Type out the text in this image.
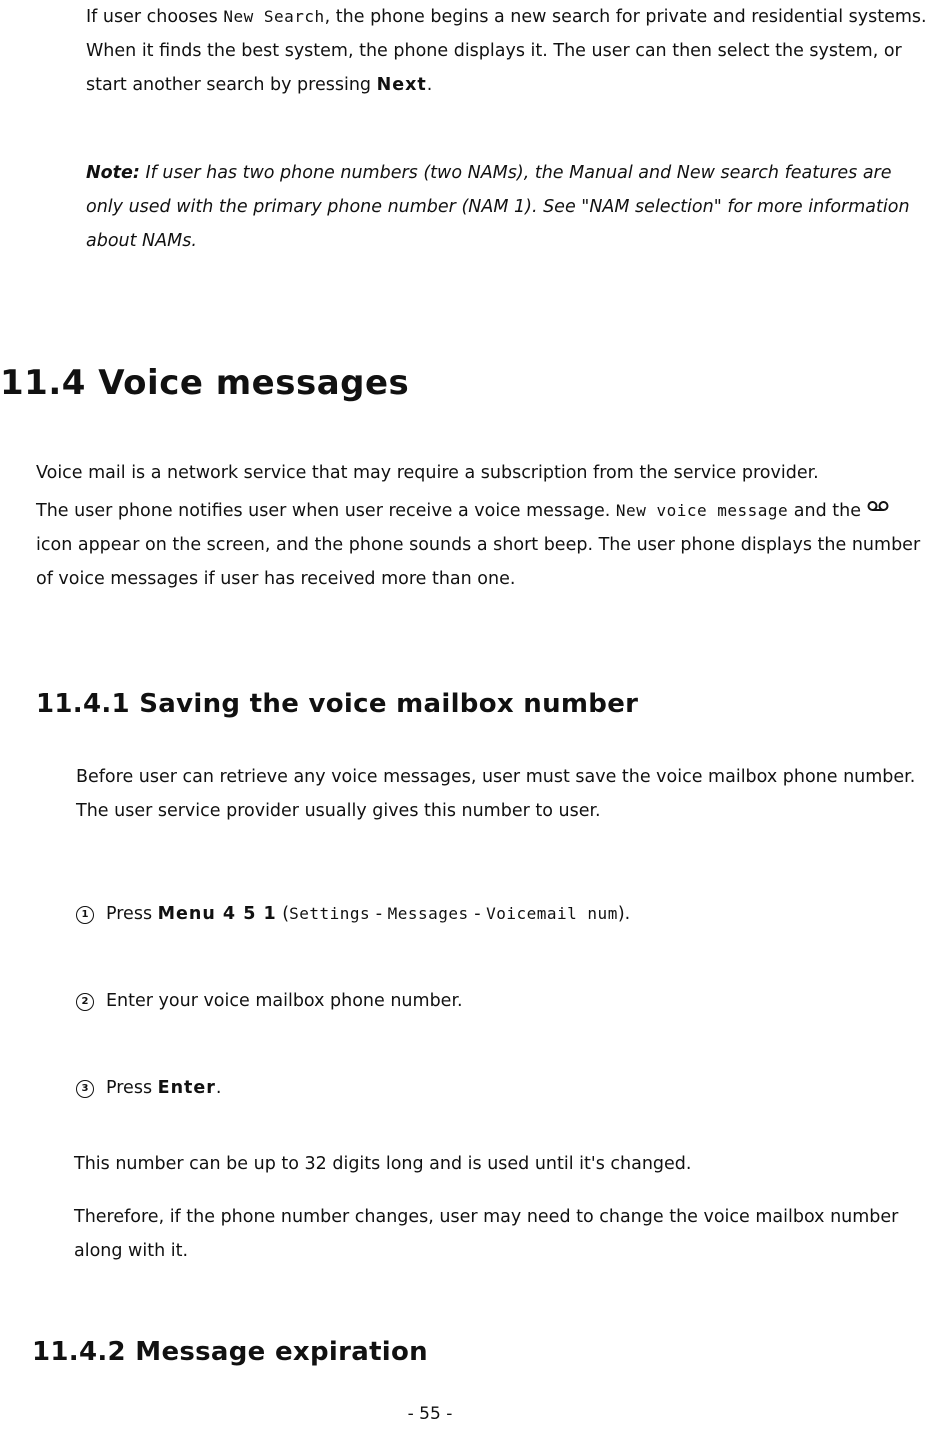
If user chooses New Search, the phone begins a new search for private and residential systems. When it finds the best system, the phone displays it. The user can then select the system, or start another search by pressing Next.

Note: If user has two phone numbers (two NAMs), the Manual and New search features are only used with the primary phone number (NAM 1). See "NAM selection" for more information about NAMs.

11.4 Voice messages

Voice mail is a network service that may require a subscription from the service provider.
The user phone notifies user when user receive a voice message. New voice message and theicon appear on the screen, and the phone sounds a short beep. The user phone displays the number of voice messages if user has received more than one.

11.4.1 Saving the voice mailbox number

Before user can retrieve any voice messages, user must save the voice mailbox phone number. The user service provider usually gives this number to user.

1 Press Menu 4 5 1 (Settings - Messages - Voicemail num).

2 Enter your voice mailbox phone number.

3 Press Enter.

This number can be up to 32 digits long and is used until it's changed.

Therefore, if the phone number changes, user may need to change the voice mailbox number along with it.

11.4.2 Message expiration
- 55 -
